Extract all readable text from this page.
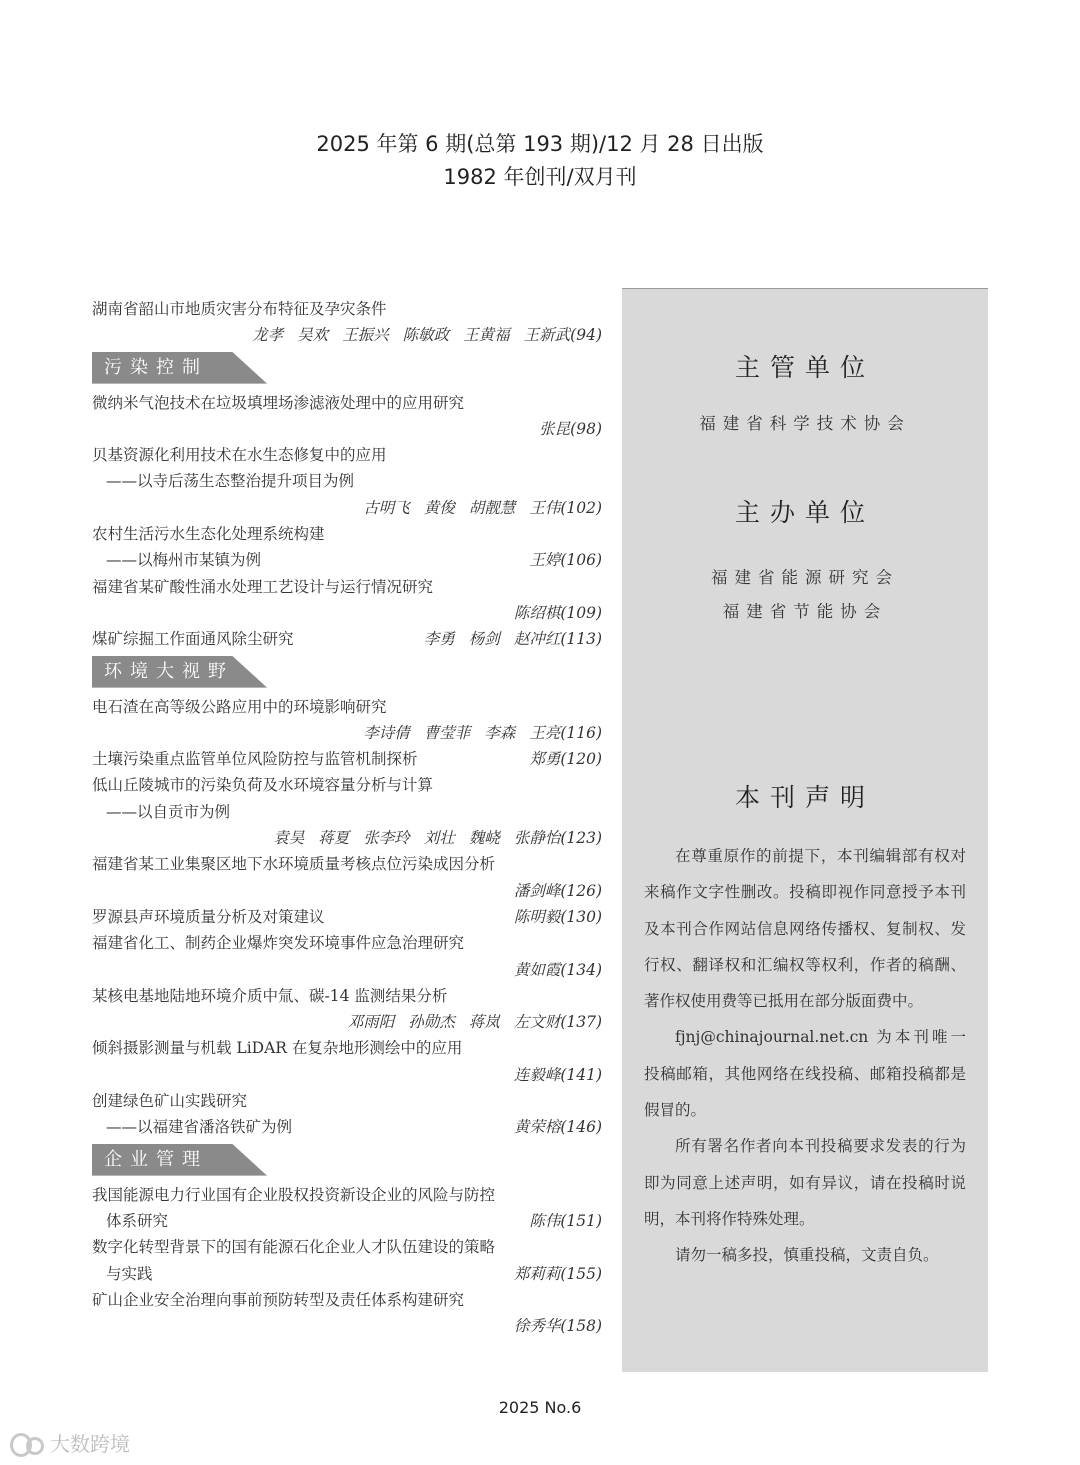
2025 年第 6 期(总第 193 期)/12 月 28 日出版
1982 年创刊/双月刊
湖南省韶山市地质灾害分布特征及孕灾条件
龙孝 吴欢 王振兴 陈敏政 王黄福 王新武(94)
污染控制
微纳米气泡技术在垃圾填埋场渗滤液处理中的应用研究
张昆(98)
贝基资源化利用技术在水生态修复中的应用
——以寺后荡生态整治提升项目为例
古明飞 黄俊 胡靓慧 王伟(102)
农村生活污水生态化处理系统构建
——以梅州市某镇为例	王婷(106)
福建省某矿酸性涌水处理工艺设计与运行情况研究
陈绍棋(109)
煤矿综掘工作面通风除尘研究	李勇 杨剑 赵冲红(113)
环境大视野
电石渣在高等级公路应用中的环境影响研究
李诗倩 曹莹菲 李森 王亮(116)
土壤污染重点监管单位风险防控与监管机制探析	郑勇(120)
低山丘陵城市的污染负荷及水环境容量分析与计算
——以自贡市为例
袁昊 蒋夏 张李玲 刘壮 魏峣 张静怡(123)
福建省某工业集聚区地下水环境质量考核点位污染成因分析
潘剑峰(126)
罗源县声环境质量分析及对策建议	陈明毅(130)
福建省化工、制药企业爆炸突发环境事件应急治理研究
黄如霞(134)
某核电基地陆地环境介质中氚、碳-14 监测结果分析
邓雨阳 孙勋杰 蒋岚 左文财(137)
倾斜摄影测量与机载 LiDAR 在复杂地形测绘中的应用
连毅峰(141)
创建绿色矿山实践研究
——以福建省潘洛铁矿为例	黄荣榕(146)
企业管理
我国能源电力行业国有企业股权投资新设企业的风险与防控
体系研究	陈伟(151)
数字化转型背景下的国有能源石化企业人才队伍建设的策略
与实践	郑莉莉(155)
矿山企业安全治理向事前预防转型及责任体系构建研究
徐秀华(158)
主管单位
福建省科学技术协会
主办单位
福建省能源研究会
福建省节能协会
本刊声明

在尊重原作的前提下，本刊编辑部有权对来稿作文字性删改。投稿即视作同意授予本刊及本刊合作网站信息网络传播权、复制权、发行权、翻译权和汇编权等权利，作者的稿酬、著作权使用费等已抵用在部分版面费中。

fjnj@chinajournal.net.cn 为本刊唯一投稿邮箱，其他网络在线投稿、邮箱投稿都是假冒的。

所有署名作者向本刊投稿要求发表的行为即为同意上述声明，如有异议，请在投稿时说明，本刊将作特殊处理。

请勿一稿多投，慎重投稿，文责自负。

2025 No.6
大数跨境
